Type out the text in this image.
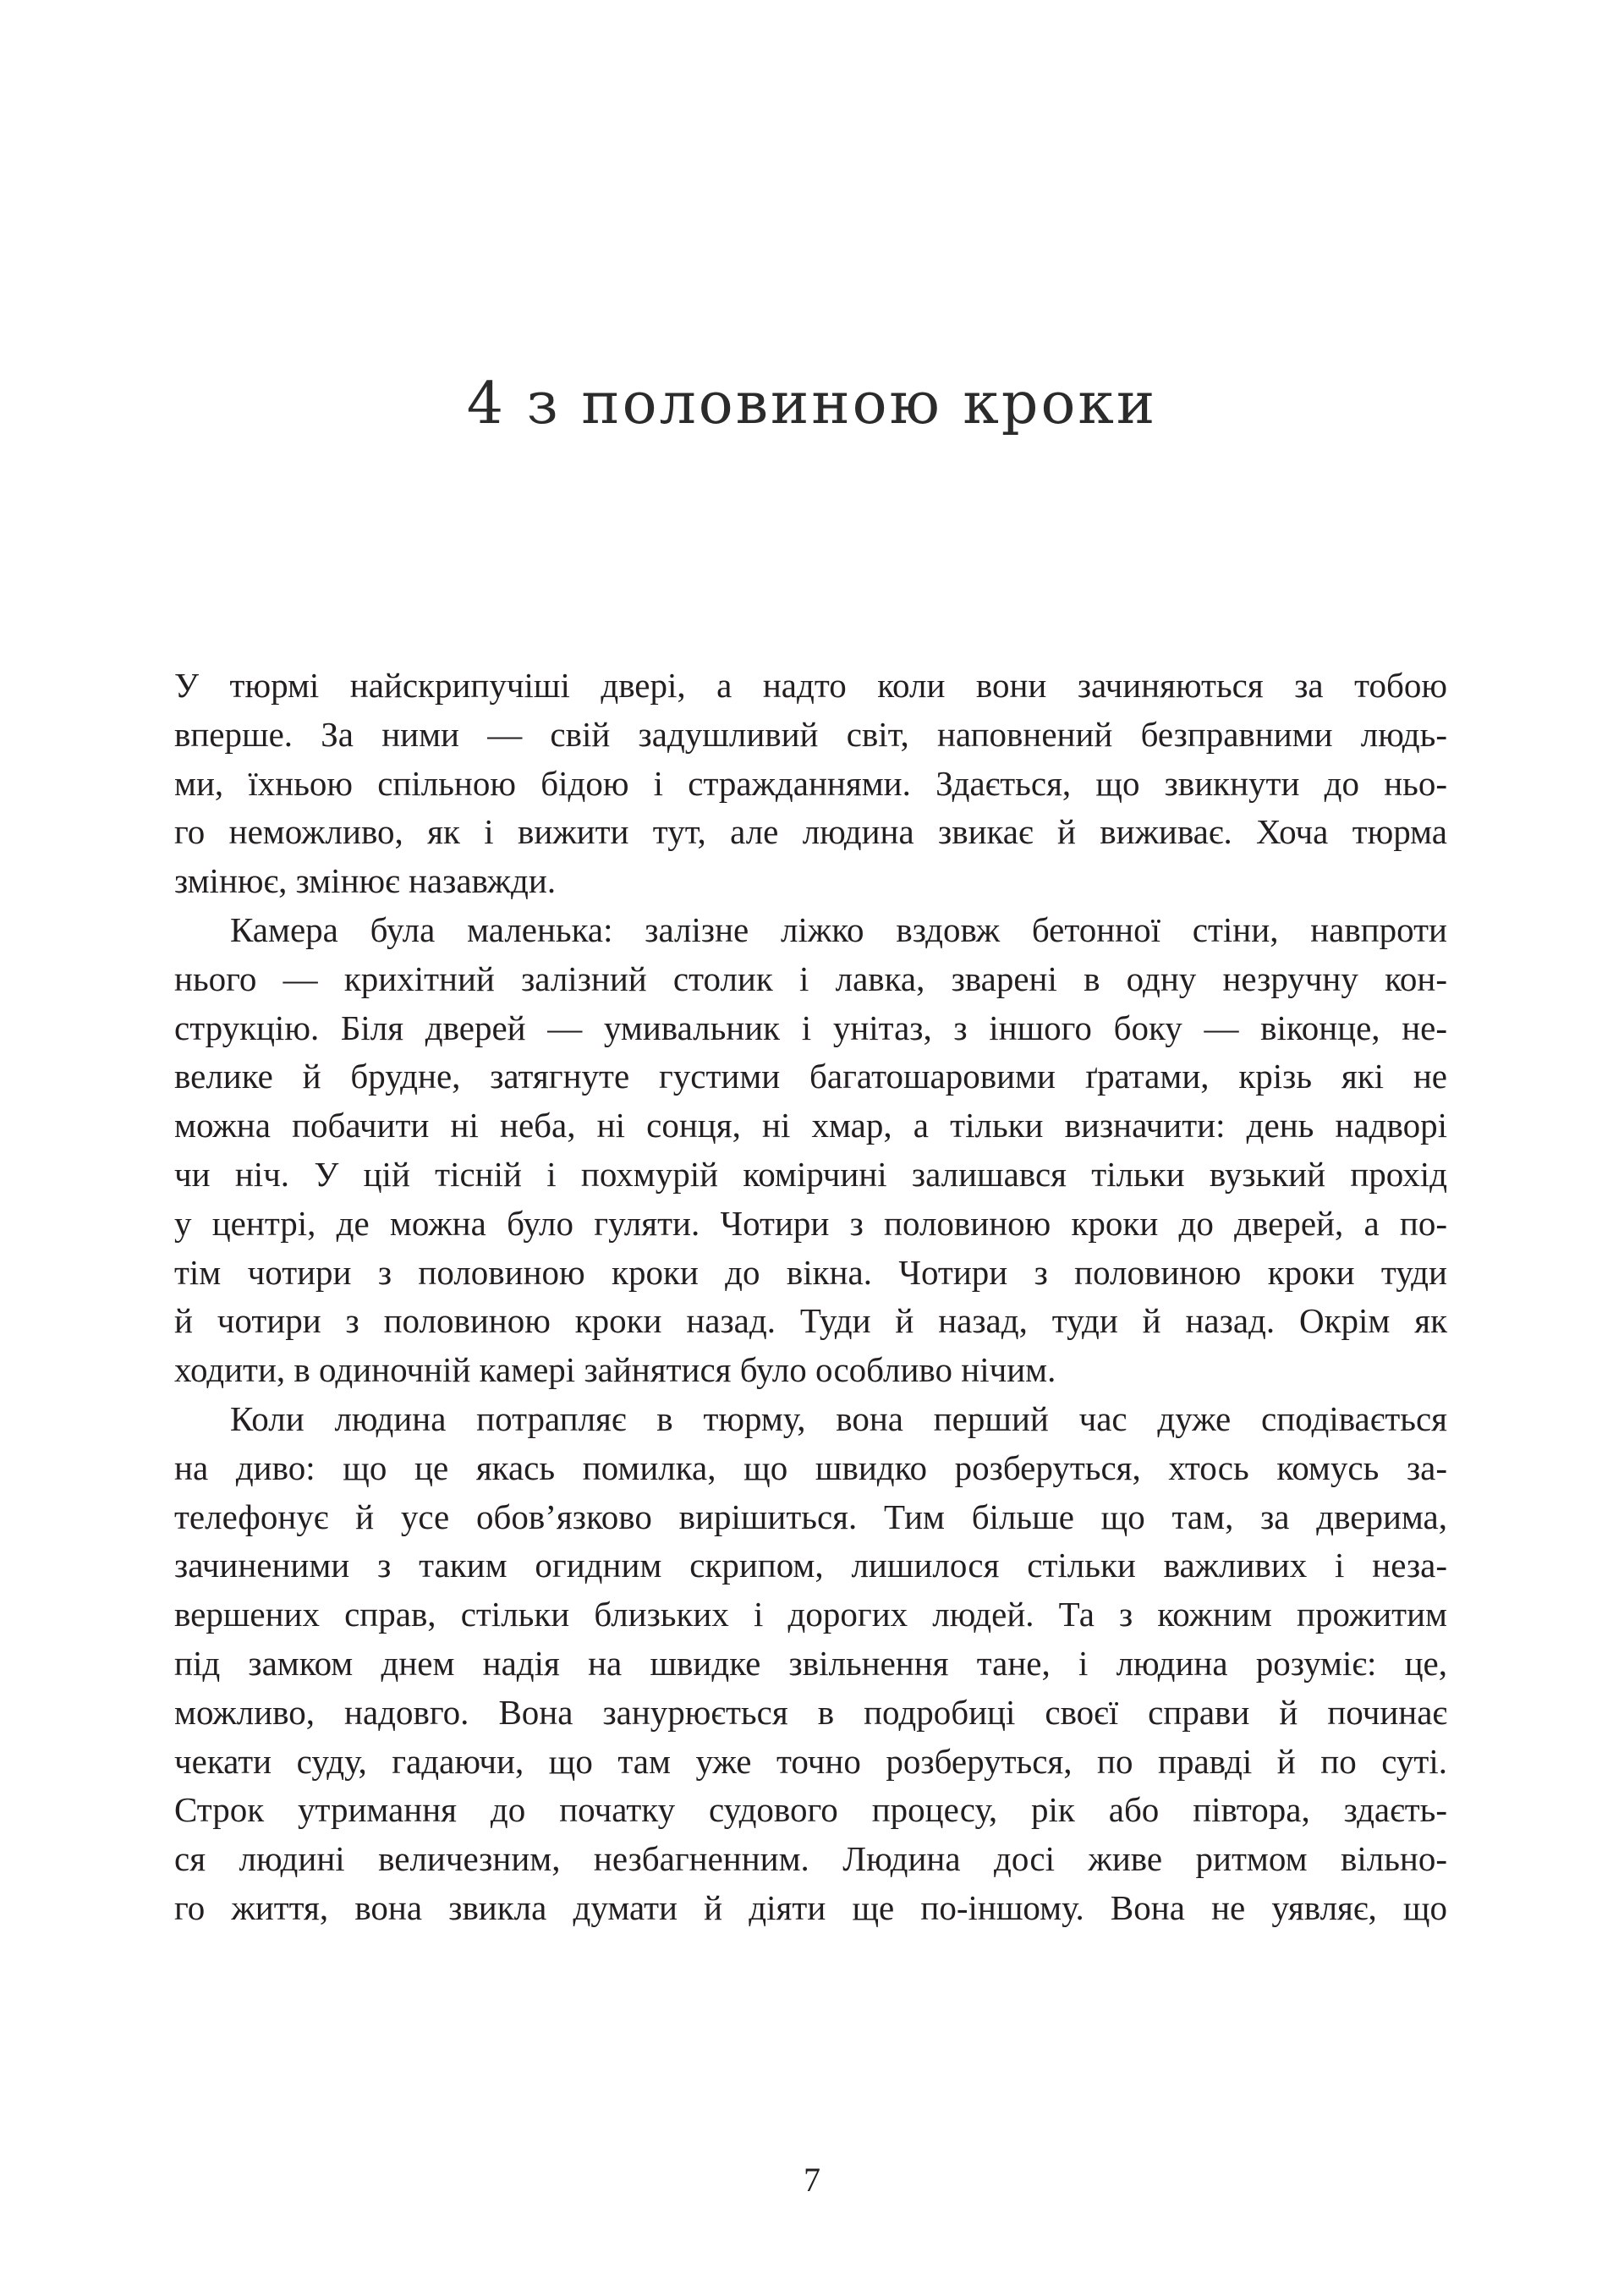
4 з половиною кроки
У тюрмі найскрипучіші двері, а надто коли вони зачиняються за тобою
вперше. За ними — свій задушливий світ, наповнений безправними людь-
ми, їхньою спільною бідою і стражданнями. Здається, що звикнути до ньо-
го неможливо, як і вижити тут, але людина звикає й виживає. Хоча тюрма
змінює, змінює назавжди.
Камера була маленька: залізне ліжко вздовж бетонної стіни, навпроти
нього — крихітний залізний столик і лавка, зварені в одну незручну кон-
струкцію. Біля дверей — умивальник і унітаз, з іншого боку — віконце, не-
велике й брудне, затягнуте густими багатошаровими ґратами, крізь які не
можна побачити ні неба, ні сонця, ні хмар, а тільки визначити: день надворі
чи ніч. У цій тісній і похмурій комірчині залишався тільки вузький прохід
у центрі, де можна було гуляти. Чотири з половиною кроки до дверей, а по-
тім чотири з половиною кроки до вікна. Чотири з половиною кроки туди
й чотири з половиною кроки назад. Туди й назад, туди й назад. Окрім як
ходити, в одиночній камері зайнятися було особливо нічим.
Коли людина потрапляє в тюрму, вона перший час дуже сподівається
на диво: що це якась помилка, що швидко розберуться, хтось комусь за-
телефонує й усе обов’язково вирішиться. Тим більше що там, за дверима,
зачиненими з таким огидним скрипом, лишилося стільки важливих і неза-
вершених справ, стільки близьких і дорогих людей. Та з кожним прожитим
під замком днем надія на швидке звільнення тане, і людина розуміє: це,
можливо, надовго. Вона занурюється в подробиці своєї справи й починає
чекати суду, гадаючи, що там уже точно розберуться, по правді й по суті.
Строк утримання до початку судового процесу, рік або півтора, здаєть-
ся людині величезним, незбагненним. Людина досі живе ритмом вільно-
го життя, вона звикла думати й діяти ще по-іншому. Вона не уявляє, що
7
